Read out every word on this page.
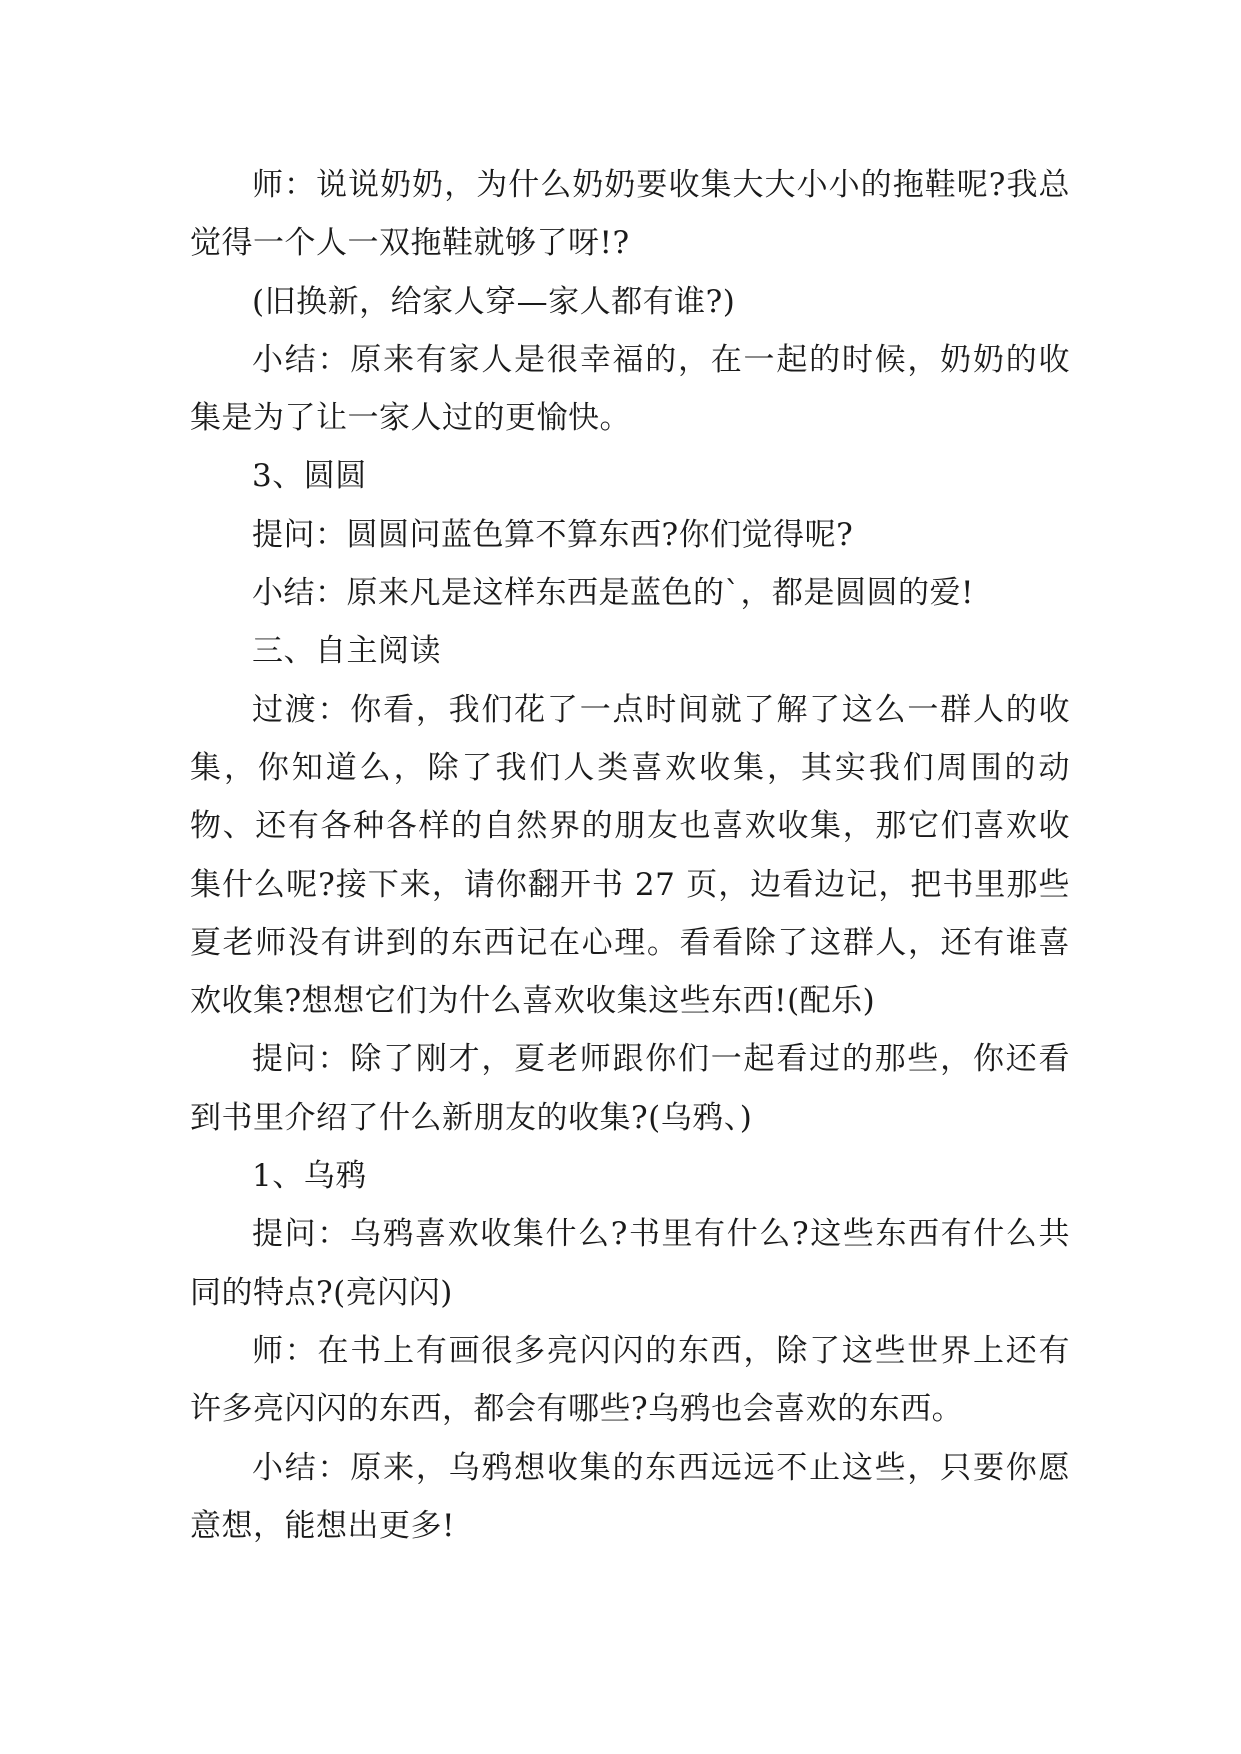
师：说说奶奶，为什么奶奶要收集大大小小的拖鞋呢?我总觉得一个人一双拖鞋就够了呀!?

(旧换新，给家人穿—家人都有谁?)

小结：原来有家人是很幸福的，在一起的时候，奶奶的收集是为了让一家人过的更愉快。

3、圆圆

提问：圆圆问蓝色算不算东西?你们觉得呢?

小结：原来凡是这样东西是蓝色的`，都是圆圆的爱!

三、自主阅读

过渡：你看，我们花了一点时间就了解了这么一群人的收集，你知道么，除了我们人类喜欢收集，其实我们周围的动物、还有各种各样的自然界的朋友也喜欢收集，那它们喜欢收集什么呢?接下来，请你翻开书 27 页，边看边记，把书里那些夏老师没有讲到的东西记在心理。看看除了这群人，还有谁喜欢收集?想想它们为什么喜欢收集这些东西!(配乐)

提问：除了刚才，夏老师跟你们一起看过的那些，你还看到书里介绍了什么新朋友的收集?(乌鸦、)

1、乌鸦

提问：乌鸦喜欢收集什么?书里有什么?这些东西有什么共同的特点?(亮闪闪)

师：在书上有画很多亮闪闪的东西，除了这些世界上还有许多亮闪闪的东西，都会有哪些?乌鸦也会喜欢的东西。

小结：原来，乌鸦想收集的东西远远不止这些，只要你愿意想，能想出更多!
